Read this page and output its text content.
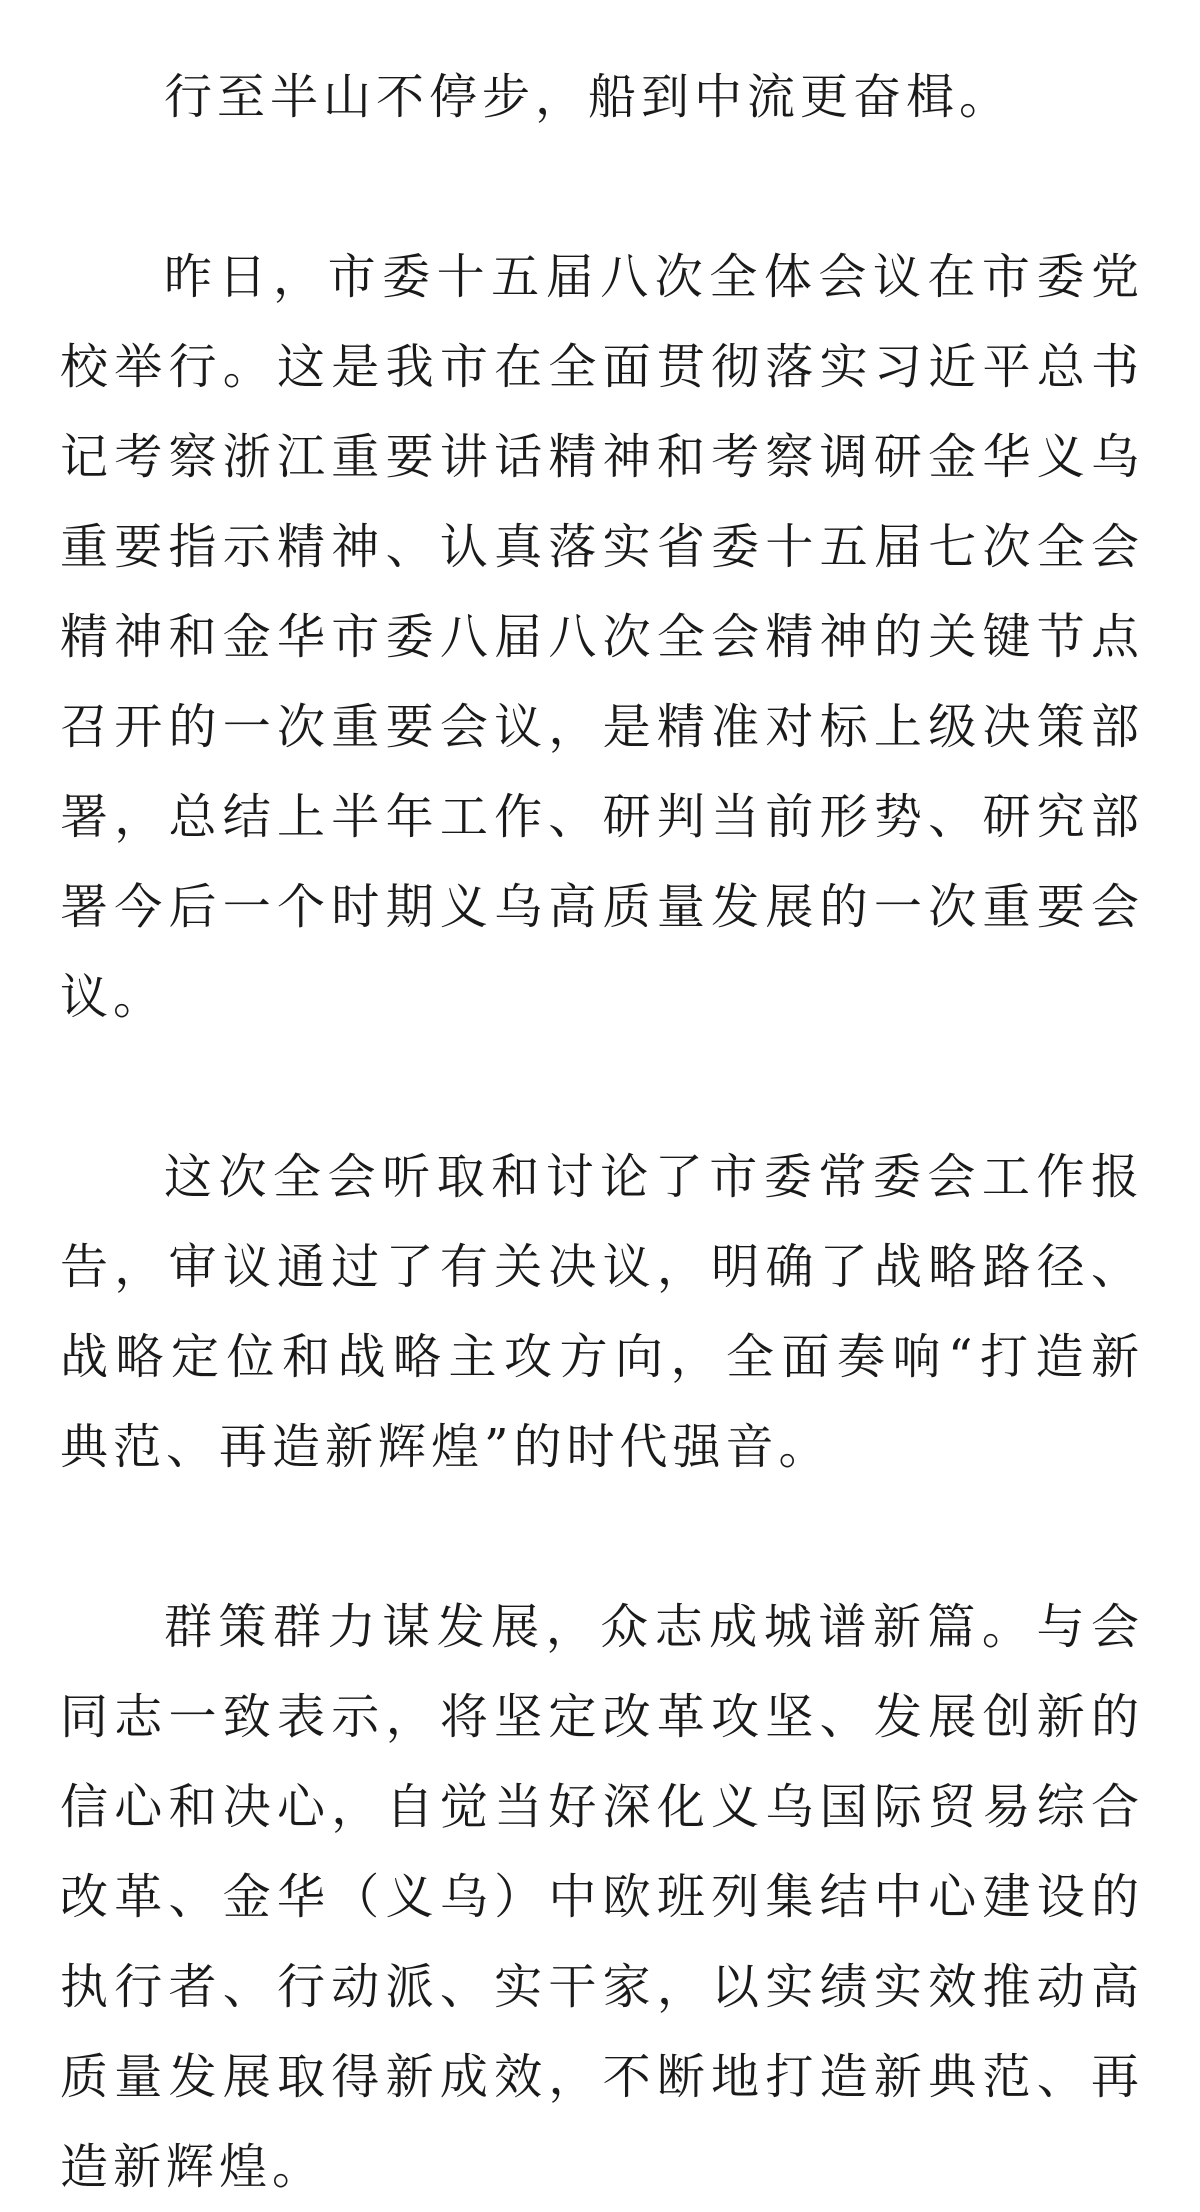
行至半山不停步，船到中流更奋楫。

昨日，市委十五届八次全体会议在市委党校举行。这是我市在全面贯彻落实习近平总书记考察浙江重要讲话精神和考察调研金华义乌重要指示精神、认真落实省委十五届七次全会精神和金华市委八届八次全会精神的关键节点召开的一次重要会议，是精准对标上级决策部署，总结上半年工作、研判当前形势、研究部署今后一个时期义乌高质量发展的一次重要会议。

这次全会听取和讨论了市委常委会工作报告，审议通过了有关决议，明确了战略路径、战略定位和战略主攻方向，全面奏响“打造新典范、再造新辉煌”的时代强音。

群策群力谋发展，众志成城谱新篇。与会同志一致表示，将坚定改革攻坚、发展创新的信心和决心，自觉当好深化义乌国际贸易综合改革、金华（义乌）中欧班列集结中心建设的执行者、行动派、实干家，以实绩实效推动高质量发展取得新成效，不断地打造新典范、再造新辉煌。
